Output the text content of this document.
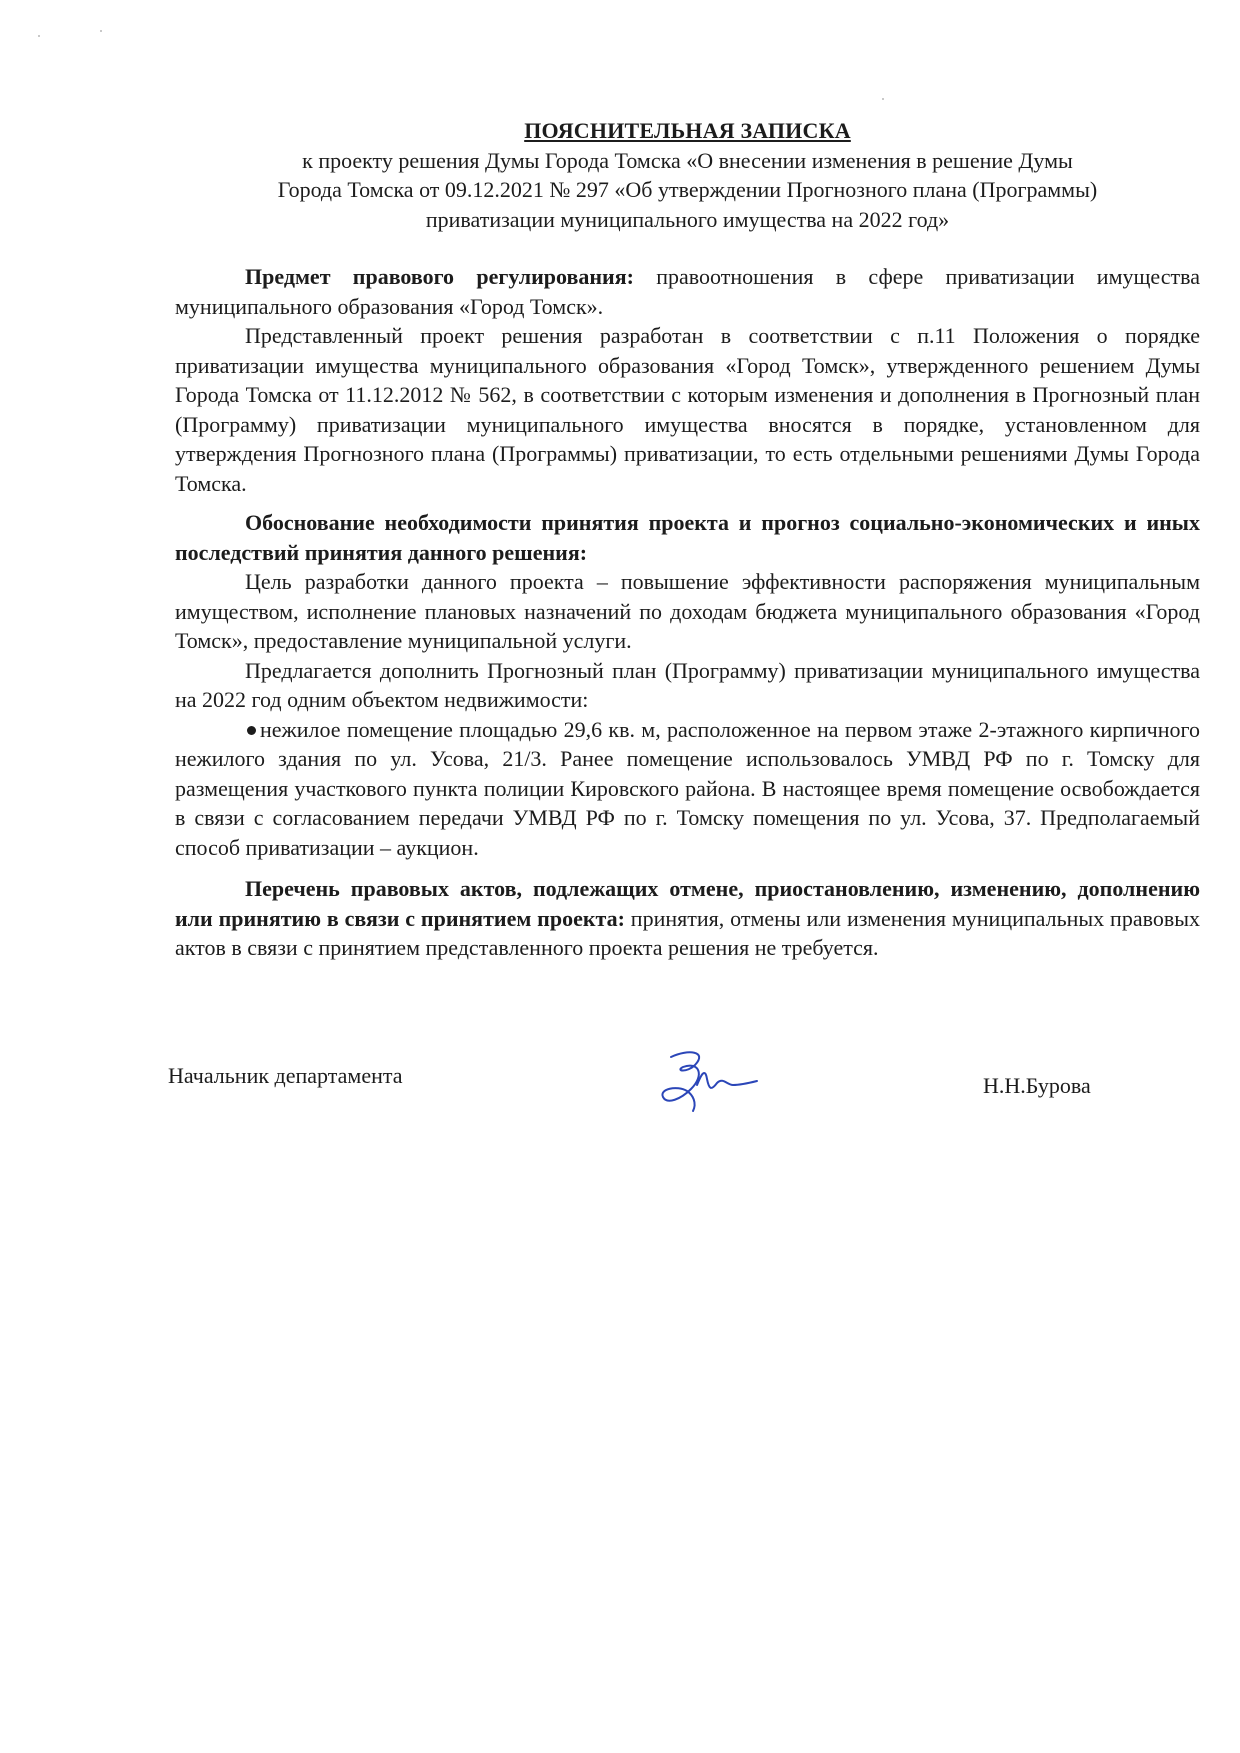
ПОЯСНИТЕЛЬНАЯ ЗАПИСКА
к проекту решения Думы Города Томска «О внесении изменения в решение Думы
Города Томска от 09.12.2021 № 297 «Об утверждении Прогнозного плана (Программы)
приватизации муниципального имущества на 2022 год»

Предмет правового регулирования: правоотношения в сфере приватизации имущества муниципального образования «Город Томск».

Представленный проект решения разработан в соответствии с п.11 Положения о порядке приватизации имущества муниципального образования «Город Томск», утвержденного решением Думы Города Томска от 11.12.2012 № 562, в соответствии с которым изменения и дополнения в Прогнозный план (Программу) приватизации муниципального имущества вносятся в порядке, установленном для утверждения Прогнозного плана (Программы) приватизации, то есть отдельными решениями Думы Города Томска.

Обоснование необходимости принятия проекта и прогноз социально-экономических и иных последствий принятия данного решения:

Цель разработки данного проекта – повышение эффективности распоряжения муниципальным имуществом, исполнение плановых назначений по доходам бюджета муниципального образования «Город Томск», предоставление муниципальной услуги.

Предлагается дополнить Прогнозный план (Программу) приватизации муниципального имущества на 2022 год одним объектом недвижимости:

нежилое помещение площадью 29,6 кв. м, расположенное на первом этаже 2-этажного кирпичного нежилого здания по ул. Усова, 21/3. Ранее помещение использовалось УМВД РФ по г. Томску для размещения участкового пункта полиции Кировского района. В настоящее время помещение освобождается в связи с согласованием передачи УМВД РФ по г. Томску помещения по ул. Усова, 37. Предполагаемый способ приватизации – аукцион.

Перечень правовых актов, подлежащих отмене, приостановлению, изменению, дополнению или принятию в связи с принятием проекта: принятия, отмены или изменения муниципальных правовых актов в связи с принятием представленного проекта решения не требуется.

Начальник департамента	Н.Н.Бурова
